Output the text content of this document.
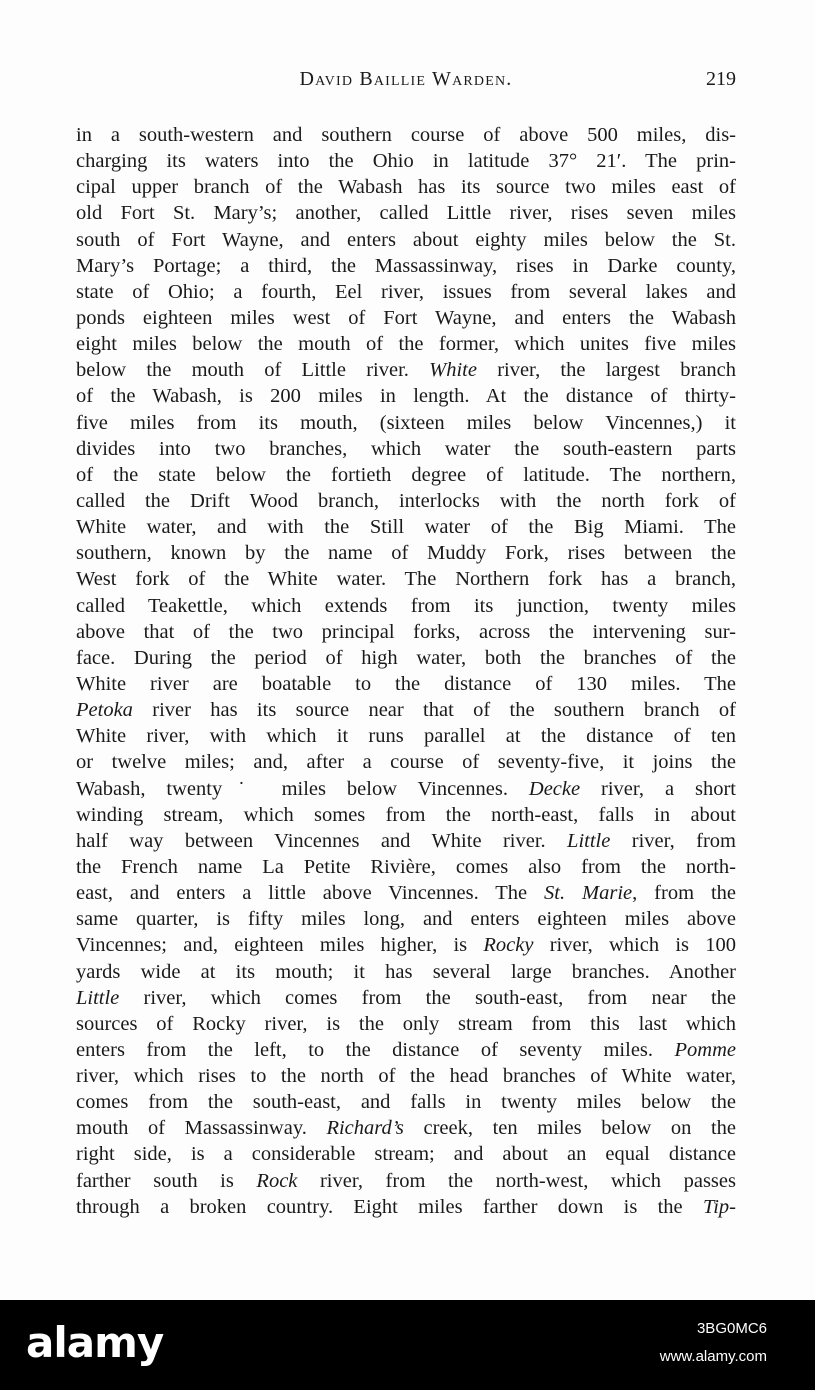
David Baillie Warden.	219
in a south-western and southern course of above 500 miles, dis-
charging its waters into the Ohio in latitude 37° 21′. The prin-
cipal upper branch of the Wabash has its source two miles east of
old Fort St. Mary’s; another, called Little river, rises seven miles
south of Fort Wayne, and enters about eighty miles below the St.
Mary’s Portage; a third, the Massassinway, rises in Darke county,
state of Ohio; a fourth, Eel river, issues from several lakes and
ponds eighteen miles west of Fort Wayne, and enters the Wabash
eight miles below the mouth of the former, which unites five miles
below the mouth of Little river. White river, the largest branch
of the Wabash, is 200 miles in length. At the distance of thirty-
five miles from its mouth, (sixteen miles below Vincennes,) it
divides into two branches, which water the south-eastern parts
of the state below the fortieth degree of latitude. The northern,
called the Drift Wood branch, interlocks with the north fork of
White water, and with the Still water of the Big Miami. The
southern, known by the name of Muddy Fork, rises between the
West fork of the White water. The Northern fork has a branch,
called Teakettle, which extends from its junction, twenty miles
above that of the two principal forks, across the intervening sur-
face. During the period of high water, both the branches of the
White river are boatable to the distance of 130 miles. The
Petoka river has its source near that of the southern branch of
White river, with which it runs parallel at the distance of ten
or twelve miles; and, after a course of seventy-five, it joins the
Wabash, twenty˙ miles below Vincennes. Decke river, a short
winding stream, which somes from the north-east, falls in about
half way between Vincennes and White river. Little river, from
the French name La Petite Rivière, comes also from the north-
east, and enters a little above Vincennes. The St. Marie, from the
same quarter, is fifty miles long, and enters eighteen miles above
Vincennes; and, eighteen miles higher, is Rocky river, which is 100
yards wide at its mouth; it has several large branches. Another
Little river, which comes from the south-east, from near the
sources of Rocky river, is the only stream from this last which
enters from the left, to the distance of seventy miles. Pomme
river, which rises to the north of the head branches of White water,
comes from the south-east, and falls in twenty miles below the
mouth of Massassinway. Richard’s creek, ten miles below on the
right side, is a considerable stream; and about an equal distance
farther south is Rock river, from the north-west, which passes
through a broken country. Eight miles farther down is the Tip-
alamy	3BG0MC6
www.alamy.com
